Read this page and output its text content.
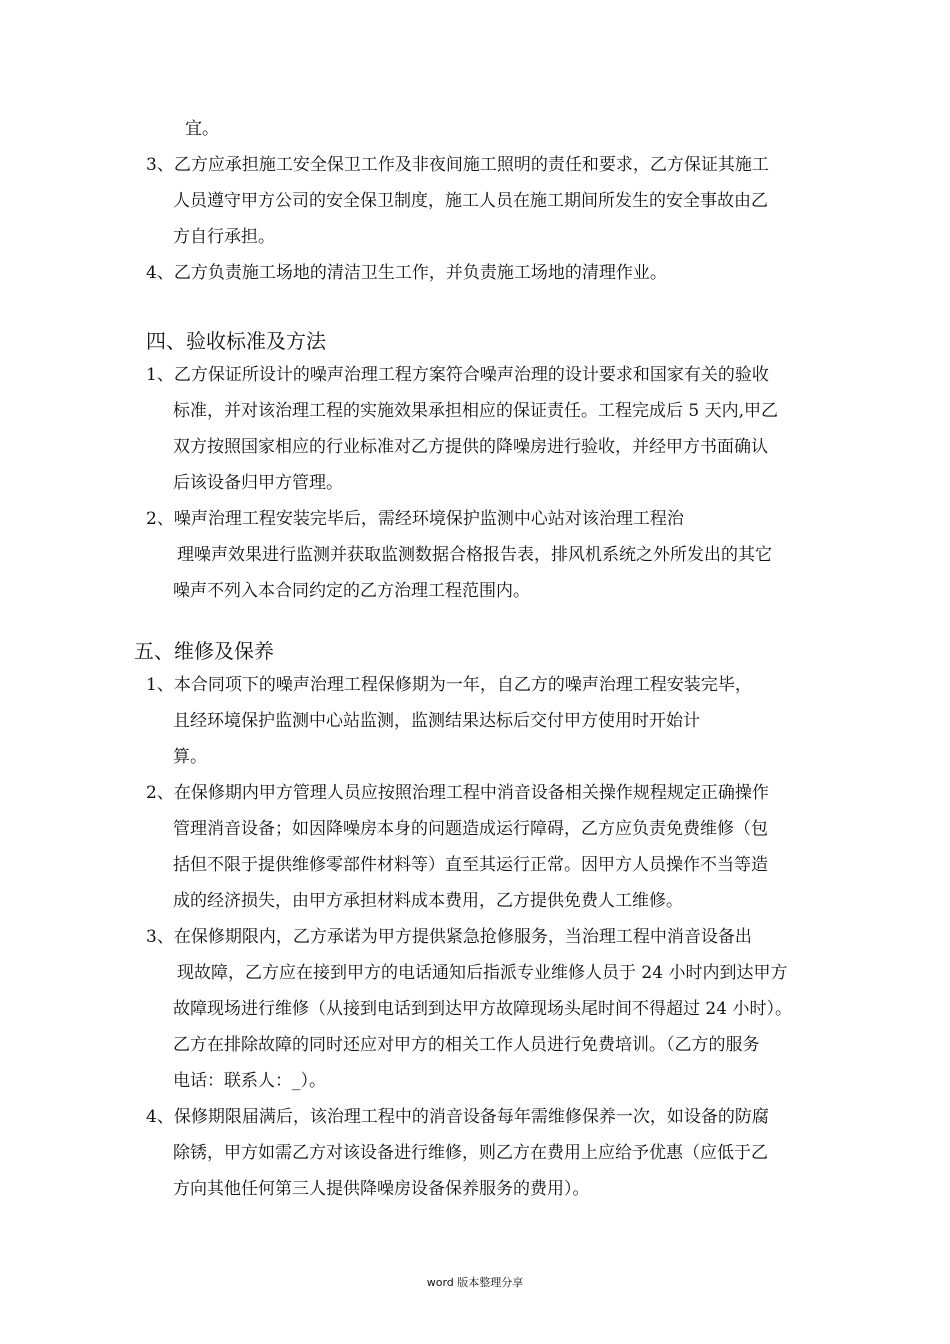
宜。
3、乙方应承担施工安全保卫工作及非夜间施工照明的责任和要求，乙方保证其施工
人员遵守甲方公司的安全保卫制度，施工人员在施工期间所发生的安全事故由乙
方自行承担。
4、乙方负责施工场地的清洁卫生工作，并负责施工场地的清理作业。
四、验收标准及方法
1、乙方保证所设计的噪声治理工程方案符合噪声治理的设计要求和国家有关的验收
标准，并对该治理工程的实施效果承担相应的保证责任。工程完成后 5 天内,甲乙
双方按照国家相应的行业标准对乙方提供的降噪房进行验收，并经甲方书面确认
后该设备归甲方管理。
2、噪声治理工程安装完毕后，需经环境保护监测中心站对该治理工程治
理噪声效果进行监测并获取监测数据合格报告表，排风机系统之外所发出的其它
噪声不列入本合同约定的乙方治理工程范围内。
五、维修及保养
1、本合同项下的噪声治理工程保修期为一年，自乙方的噪声治理工程安装完毕，
且经环境保护监测中心站监测，监测结果达标后交付甲方使用时开始计
算。
2、在保修期内甲方管理人员应按照治理工程中消音设备相关操作规程规定正确操作
管理消音设备；如因降噪房本身的问题造成运行障碍，乙方应负责免费维修（包
括但不限于提供维修零部件材料等）直至其运行正常。因甲方人员操作不当等造
成的经济损失，由甲方承担材料成本费用，乙方提供免费人工维修。
3、在保修期限内，乙方承诺为甲方提供紧急抢修服务，当治理工程中消音设备出
现故障，乙方应在接到甲方的电话通知后指派专业维修人员于 24 小时内到达甲方
故障现场进行维修（从接到电话到到达甲方故障现场头尾时间不得超过 24 小时）。
乙方在排除故障的同时还应对甲方的相关工作人员进行免费培训。（乙方的服务
电话：联系人：_）。
4、保修期限届满后，该治理工程中的消音设备每年需维修保养一次，如设备的防腐
除锈，甲方如需乙方对该设备进行维修，则乙方在费用上应给予优惠（应低于乙
方向其他任何第三人提供降噪房设备保养服务的费用）。
word 版本整理分享
